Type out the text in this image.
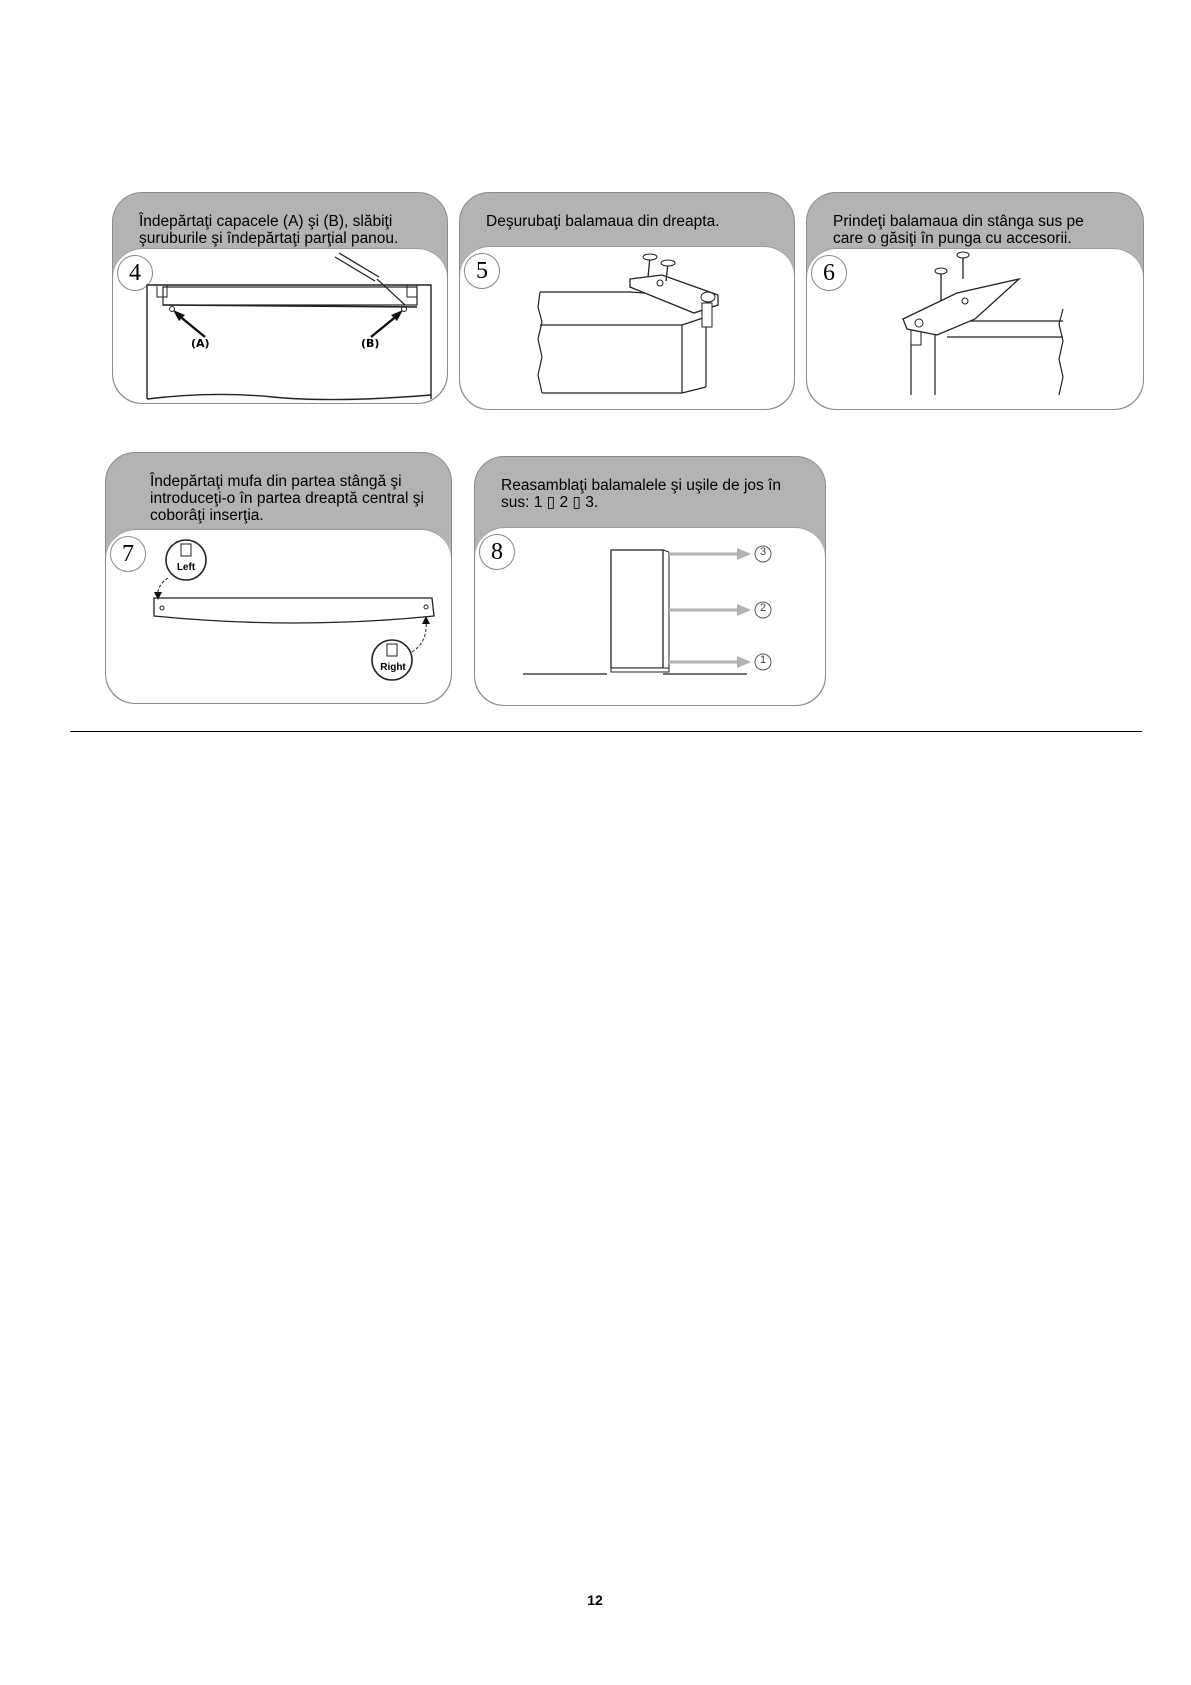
Îndepărtaţi capacele (A) şi (B), slăbiţi
şuruburile şi îndepărtaţi parţial panou.
4
(A)	(B)
Deşurubaţi balamaua din dreapta.
5
Prindeţi balamaua din stânga sus pe
care o găsiţi în punga cu accesorii.
6
Îndepărtaţi mufa din partea stângă şi
introduceţi-o în partea dreaptă central şi
coborâţi inserţia.
7
Left
Right
Reasamblaţi balamalele şi uşile de jos în
sus: 1 ▯ 2 ▯ 3.
8	3
2
1
12
